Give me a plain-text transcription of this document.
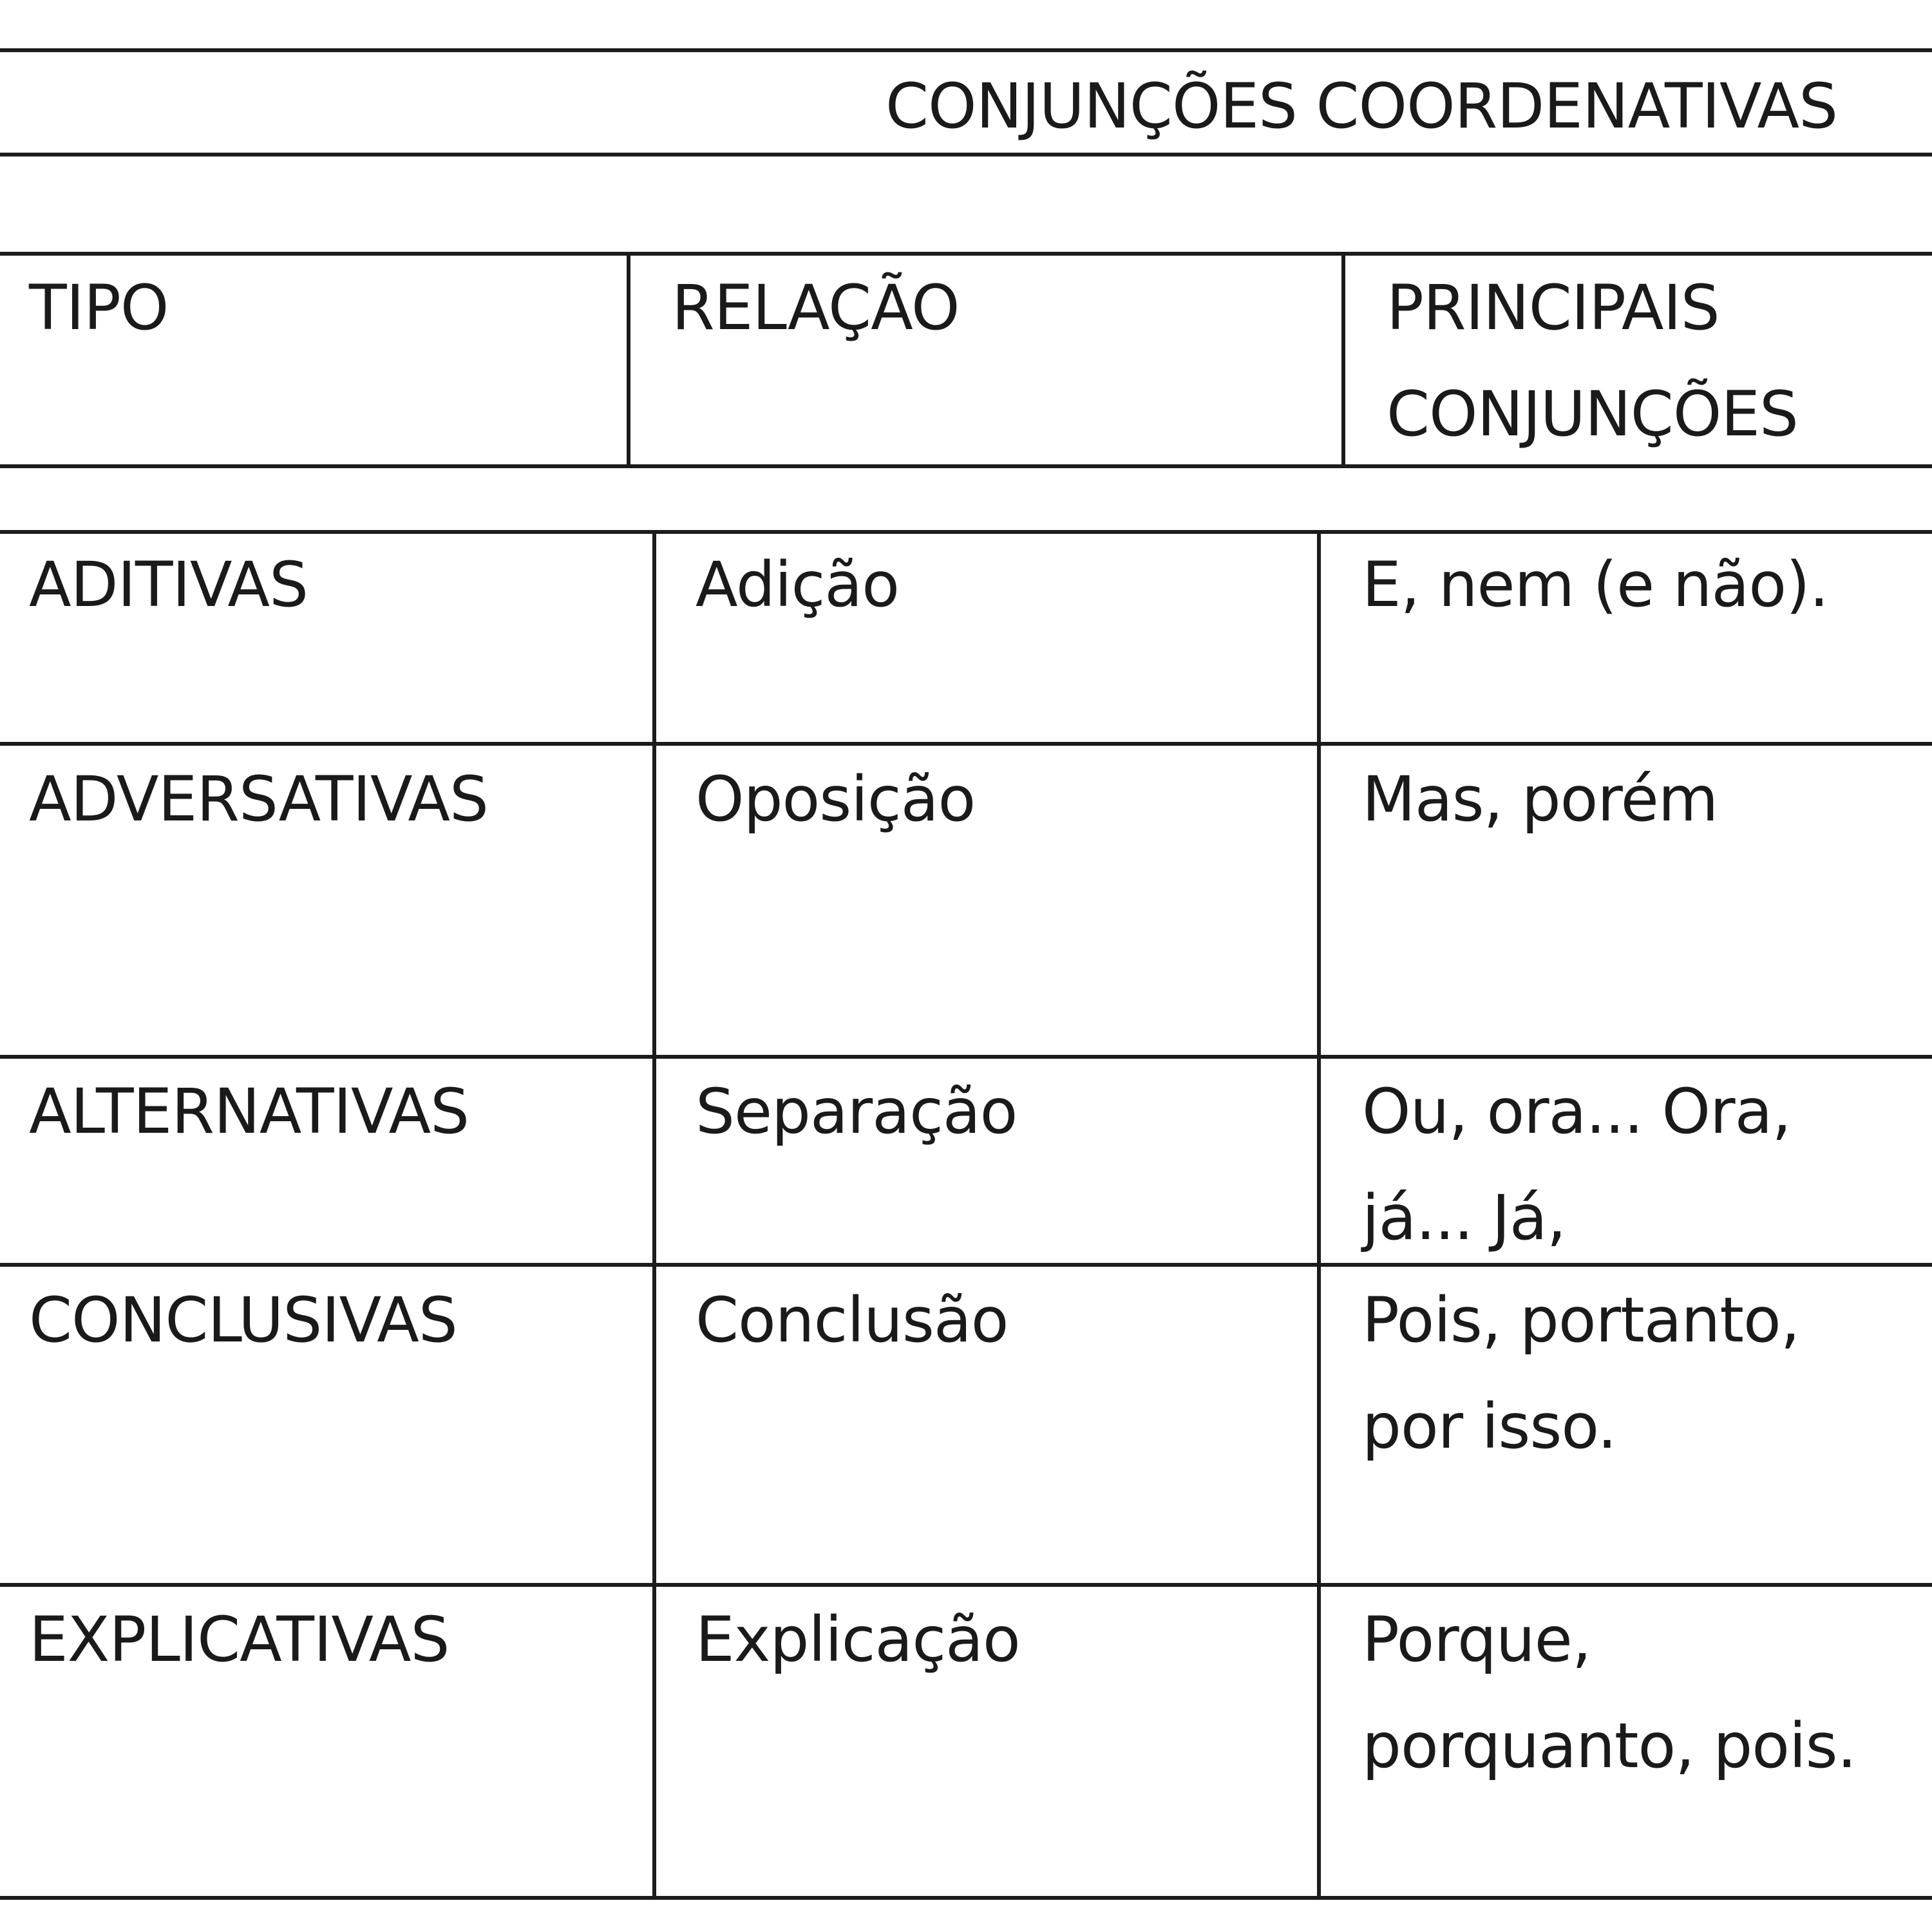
CONJUNÇÕES COORDENATIVAS
TIPO	RELAÇÃO	PRINCIPAIS
CONJUNÇÕES
ADITIVAS	Adição	E, nem (e não).
ADVERSATIVAS	Oposição	Mas, porém
ALTERNATIVAS	Separação	Ou, ora... Ora,
já... Já,
CONCLUSIVAS	Conclusão	Pois, portanto,
por isso.
EXPLICATIVAS	Explicação	Porque,
porquanto, pois.
